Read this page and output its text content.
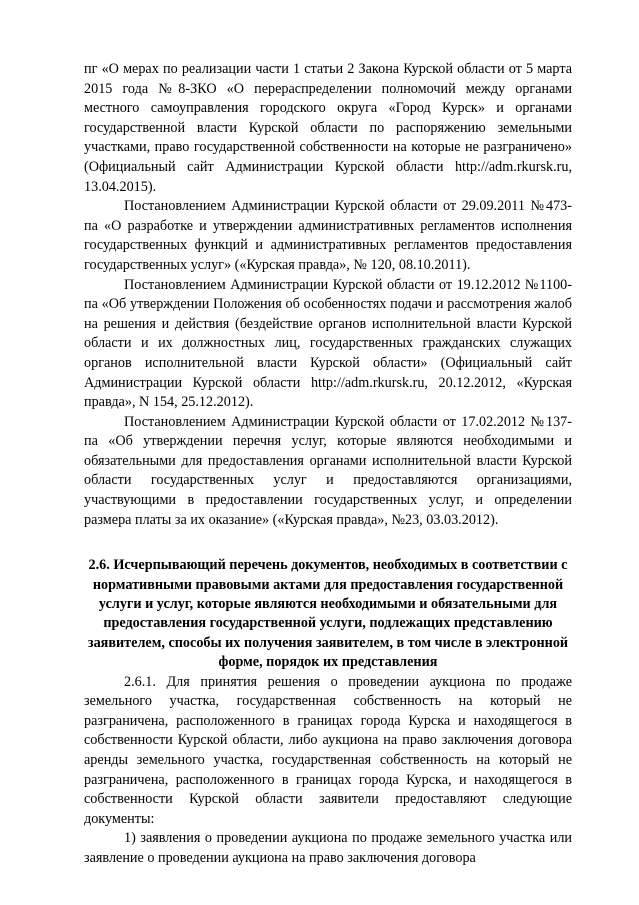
пг «О мерах по реализации части 1 статьи 2 Закона Курской области от 5 марта 2015 года №8-ЗКО «О перераспределении полномочий между органами местного самоуправления городского округа «Город Курск» и органами государственной власти Курской области по распоряжению земельными участками, право государственной собственности на которые не разграничено» (Официальный сайт Администрации Курской области http://adm.rkursk.ru, 13.04.2015).

Постановлением Администрации Курской области от 29.09.2011 №473-па «О разработке и утверждении административных регламентов исполнения государственных функций и административных регламентов предоставления государственных услуг» («Курская правда», № 120, 08.10.2011).

Постановлением Администрации Курской области от 19.12.2012 №1100-па «Об утверждении Положения об особенностях подачи и рассмотрения жалоб на решения и действия (бездействие органов исполнительной власти Курской области и их должностных лиц, государственных гражданских служащих органов исполнительной власти Курской области» (Официальный сайт Администрации Курской области http://adm.rkursk.ru, 20.12.2012, «Курская правда», N 154, 25.12.2012).

Постановлением Администрации Курской области от 17.02.2012 №137-па «Об утверждении перечня услуг, которые являются необходимыми и обязательными для предоставления органами исполнительной власти Курской области государственных услуг и предоставляются организациями, участвующими в предоставлении государственных услуг, и определении размера платы за их оказание» («Курская правда», №23, 03.03.2012).

2.6. Исчерпывающий перечень документов, необходимых в соответствии с нормативными правовыми актами для предоставления государственной услуги и услуг, которые являются необходимыми и обязательными для предоставления государственной услуги, подлежащих представлению заявителем, способы их получения заявителем, в том числе в электронной форме, порядок их представления

2.6.1. Для принятия решения о проведении аукциона по продаже земельного участка, государственная собственность на который не разграничена, расположенного в границах города Курска и находящегося в собственности Курской области, либо аукциона на право заключения договора аренды земельного участка, государственная собственность на который не разграничена, расположенного в границах города Курска, и находящегося в собственности Курской области заявители предоставляют следующие документы:

1) заявления о проведении аукциона по продаже земельного участка или заявление о проведении аукциона на право заключения договора
